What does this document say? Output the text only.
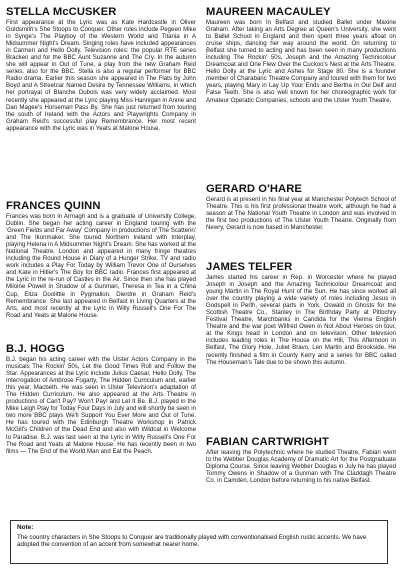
STELLA McCUSKER

First appearance at the Lyric was as Kate Hardcastle in Oliver Goldsmith's She Stoops to Conquer. Other roles include Pegeen Mike in Synge's The Playboy of the Western World and Titania in A Midsummer Night's Dream. Singing roles have included appearances in Carmen and Hello Dolly. Television roles: the popular RTE series Bracken and for the BBC Aunt Suzanne and The Cry. In the autumn she will appear in Out of Tune, a play from the new Graham Reid series, also for the BBC. Stella is also a regular performer for BBC Radio drama. Earlier this season she appeared in The Flats by John Boyd and A Streetcar Named Desire by Tennessee Williams, in which her portrayal of Blanche Dubois was very widely acclaimed. Most recently she appeared at the Lyric playing Miss Hannigan in Annie and Dan Magee's Horseman Pass By. She has just returned from touring the south of Ireland with the Actors and Playwrights Company in Graham Reid's successful play Remembrance. Her most recent appearance with the Lyric was in Yeats at Malone House.

FRANCES QUINN

Frances was born in Armagh and is a graduate of University College, Dublin. She began her acting career in England touring with the 'Green Fields and Far Away' Company in productions of The Scatterin' and The Ikonmaker. She toured Northern Ireland with Interplay, playing Helena in A Midsummer Night's Dream. She has worked at the National Theatre, London and appeared in many fringe theatres including the Round House in Diary of a Hunger Strike. TV and radio work includes a Play For Today by William Trevor One of Ourselves and Kate in Hitler's The Boy for BBC radio. Frances first appeared at the Lyric in the re-run of Castles in the Air. Since then she has played Miloine Powell in Shadow of a Gunman, Theresa in Tea in a China Cup, Eliza Doolittle in Pygmalion, Dierdre in Graham Reid's Remembrance. She last appeared in Belfast in Living Quarters at the Arts, and most recently at the Lyric in Willy Russell's One For The Road and Yeats at Malone House.

B.J. HOGG

B.J. began his acting career with the Ulster Actors Company in the musicals The Rockin' 50s, Let the Good Times Roll and Follow the Star. Appearances at the Lyric include Julius Caesar, Hello Dolly, The Interrogation of Ambrose Fogarty, The Hidden Curriculum and, earlier this year, Macbeth. He was seen in Ulster Television's adaptation of The Hidden Curriculum. He also appeared at the Arts Theatre in productions of Can't Pay? Won't Pay! and Let It Be. B.J. played in the Mike Leigh Play for Today Four Days in July and will shortly be seen in two more BBC plays We'll Support You Ever More and Out of Tune. He has toured with the Edinburgh Theatre Workshop in Patrick McGill's Children of the Dead End and also with Wildcat in Welcome to Paradise. B.J. was last seen at the Lyric in Willy Russell's One For The Road and Yeats at Malone House. He has recently been in two films — The End of the World Man and Eat the Peach.

MAUREEN MACAULEY

Maureen was born in Belfast and studied Ballet under Maxine Graham. After taking an Arts Degree at Queen's University, she went to Ballet School in England and then spent three years afloat on cruise ships, dancing her way around the world. On returning to Belfast she turned to acting and has been seen in many productions including The Rockin' 50s, Joseph and the Amazing Technicolour Dreamcoat and One Flew Over the Cuckoo's Nest at the Arts Theatre. Hello Dolly at the Lyric and Ashes for Stage 80. She is a founder member of Charabanc Theatre Company and toured with them for two years, playing Mary in Lay Up Your Ends and Bertha in Oul Delf and False Teeth. She is also well known for her choreographic work for Amateur Operatic Companies, schools and the Ulster Youth Theatre.

GERARD O'HARE

Gerard is at present in his final year at Manchester Polytech School of Theatre. This is his first professional theatre work, although he had a season at The National Youth Theatre in London and was involved in the first two productions of The Ulster Youth Theatre. Originally from Newry, Gerard is now based in Manchester.

JAMES TELFER

James started his career in Rep. in Worcester where he played Joseph in Joseph and the Amazing Technicolour Dreamcoat and young Martin in The Royal Hunt of the Sun. He has since worked all over the country playing a wide variety of roles including Jesus in Godspell in Perth, several parts in York, Oswald in Ghosts for the Scottish Theatre Co., Stanley in The Birthday Party at Pitlochry Festival Theatre, Marchbanks in Candida for the Vienna English Theatre and the war poet Wilfred Owen in Not About Heroes on tour, at the Kings head in London and on television. Other television includes leading roles in The House on the Hill, This Afternoon in Belfast, The Glory Hole, Juliet Bravo, Len Martin and Brookside. He recently finished a film in County Kerry and a series for BBC called The Houseman's Tale due to be shown this autumn.

FABIAN CARTWRIGHT

After leaving the Polytechnic where he studied Theatre, Fabian went to the Webber Douglas Academy of Dramatic Art for the Postgraduate Diploma Course. Since leaving Webber Douglas in July he has played Tommy Owens in Shadow of a Gunman with The Claddagh Theatre Co. in Camden, London before returning to his native Belfast.

Note:

The country characters in She Stoops to Conquer are traditionally played with conventionalised English rustic accents. We have adopted the convention of an accent from somewhat nearer home.
